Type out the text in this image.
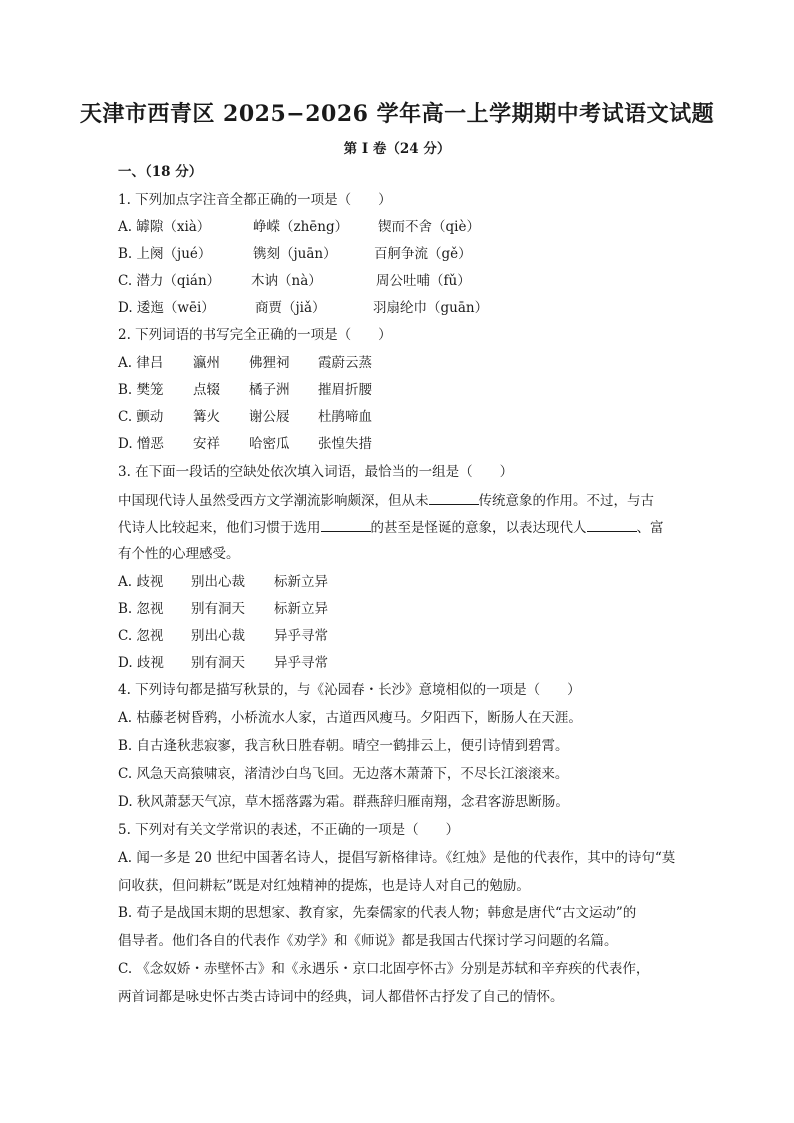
天津市西青区 2025−2026 学年高一上学期期中考试语文试题
第 I 卷（24 分）
一、（18 分）
1. 下列加点字注音全都正确的一项是（　　）
A. 罅隙（xià）	峥嵘（zhēng） 锲而不舍（qiè）
B. 上阕（jué）	镌刻（juān）	百舸争流（gě）
C. 潜力（qián） 木讷（nà）	周公吐哺（fǔ）
D. 逶迤（wēi）	商贾（jiǎ）	羽扇纶巾（guān）
2. 下列词语的书写完全正确的一项是（　　）
A. 律吕 瀛州 佛狸祠 霞蔚云蒸
B. 樊笼 点辍 橘子洲 摧眉折腰
C. 颤动 篝火 谢公屐 杜鹃啼血
D. 憎恶 安祥 哈密瓜 张惶失措
3. 在下面一段话的空缺处依次填入词语，最恰当的一组是（　　）
中国现代诗人虽然受西方文学潮流影响颇深，但从未	传统意象的作用。不过，与古
代诗人比较起来，他们习惯于选用	的甚至是怪诞的意象，以表达现代人	、富
有个性的心理感受。
A. 歧视 别出心裁 标新立异
B. 忽视 别有洞天 标新立异
C. 忽视 别出心裁 异乎寻常
D. 歧视 别有洞天 异乎寻常
4. 下列诗句都是描写秋景的，与《沁园春・长沙》意境相似的一项是（　　）
A. 枯藤老树昏鸦，小桥流水人家，古道西风瘦马。夕阳西下，断肠人在天涯。
B. 自古逢秋悲寂寥，我言秋日胜春朝。晴空一鹤排云上，便引诗情到碧霄。
C. 风急天高猿啸哀，渚清沙白鸟飞回。无边落木萧萧下，不尽长江滚滚来。
D. 秋风萧瑟天气凉，草木摇落露为霜。群燕辞归雁南翔，念君客游思断肠。
5. 下列对有关文学常识的表述，不正确的一项是（　　）
A. 闻一多是 20 世纪中国著名诗人，提倡写新格律诗。《红烛》是他的代表作，其中的诗句“莫
问收获，但问耕耘”既是对红烛精神的提炼，也是诗人对自己的勉励。
B. 荀子是战国末期的思想家、教育家，先秦儒家的代表人物；韩愈是唐代“古文运动”的
倡导者。他们各自的代表作《劝学》和《师说》都是我国古代探讨学习问题的名篇。
C. 《念奴娇・赤壁怀古》和《永遇乐・京口北固亭怀古》分别是苏轼和辛弃疾的代表作，
两首词都是咏史怀古类古诗词中的经典，词人都借怀古抒发了自己的情怀。
